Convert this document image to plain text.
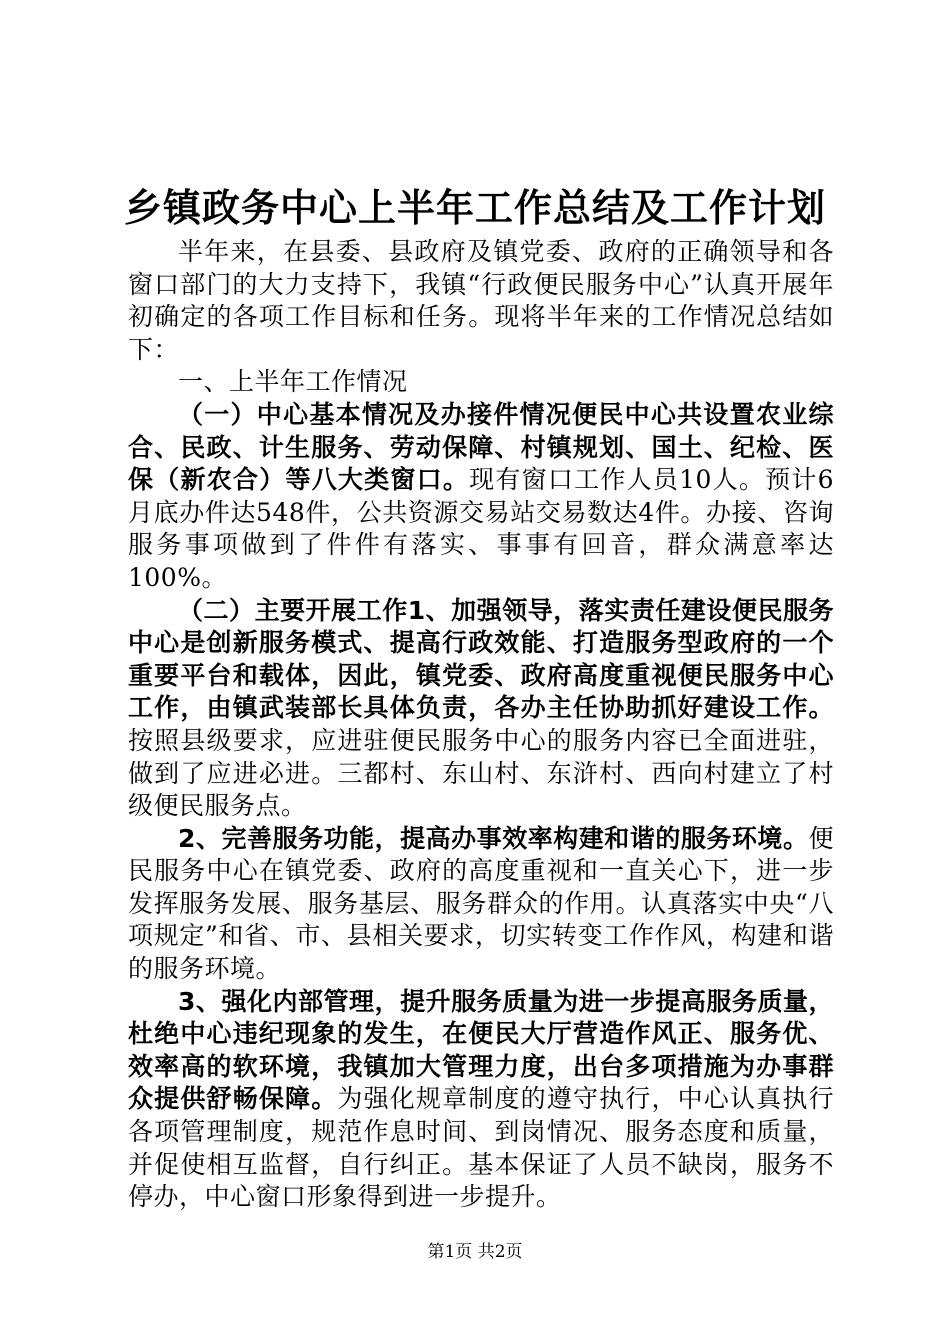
乡镇政务中心上半年工作总结及工作计划

半年来，在县委、县政府及镇党委、政府的正确领导和各窗口部门的大力支持下，我镇“行政便民服务中心”认真开展年初确定的各项工作目标和任务。现将半年来的工作情况总结如下：

一、上半年工作情况

（一）中心基本情况及办接件情况便民中心共设置农业综合、民政、计生服务、劳动保障、村镇规划、国土、纪检、医保（新农合）等八大类窗口。现有窗口工作人员10人。预计6月底办件达548件，公共资源交易站交易数达4件。办接、咨询服务事项做到了件件有落实、事事有回音，群众满意率达100%。

（二）主要开展工作1、加强领导，落实责任建设便民服务中心是创新服务模式、提高行政效能、打造服务型政府的一个重要平台和载体，因此，镇党委、政府高度重视便民服务中心工作，由镇武装部长具体负责，各办主任协助抓好建设工作。按照县级要求，应进驻便民服务中心的服务内容已全面进驻，做到了应进必进。三都村、东山村、东浒村、西向村建立了村级便民服务点。

2、完善服务功能，提高办事效率构建和谐的服务环境。便民服务中心在镇党委、政府的高度重视和一直关心下，进一步发挥服务发展、服务基层、服务群众的作用。认真落实中央“八项规定”和省、市、县相关要求，切实转变工作作风，构建和谐的服务环境。

3、强化内部管理，提升服务质量为进一步提高服务质量，杜绝中心违纪现象的发生，在便民大厅营造作风正、服务优、效率高的软环境，我镇加大管理力度，出台多项措施为办事群众提供舒畅保障。为强化规章制度的遵守执行，中心认真执行各项管理制度，规范作息时间、到岗情况、服务态度和质量，并促使相互监督，自行纠正。基本保证了人员不缺岗，服务不停办，中心窗口形象得到进一步提升。

第1页 共2页
